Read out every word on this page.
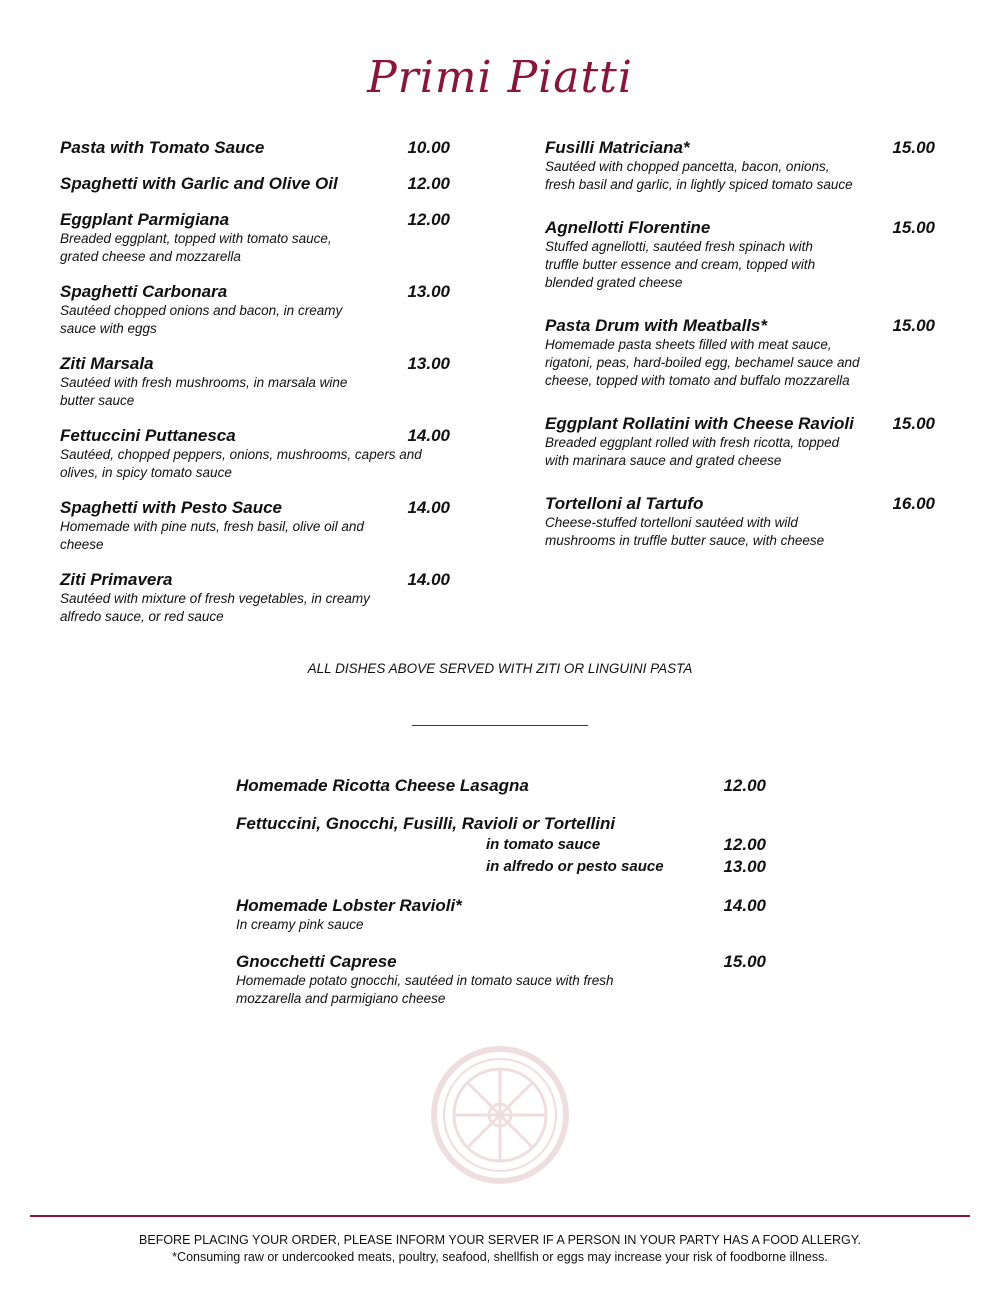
Primi Piatti
Pasta with Tomato Sauce	10.00
Spaghetti with Garlic and Olive Oil	12.00
Eggplant Parmigiana	12.00
Breaded eggplant, topped with tomato sauce, grated cheese and mozzarella
Spaghetti Carbonara	13.00
Sautéed chopped onions and bacon, in creamy sauce with eggs
Ziti Marsala	13.00
Sautéed with fresh mushrooms, in marsala wine butter sauce
Fettuccini Puttanesca	14.00
Sautéed, chopped peppers, onions, mushrooms, capers and olives, in spicy tomato sauce
Spaghetti with Pesto Sauce	14.00
Homemade with pine nuts, fresh basil, olive oil and cheese
Ziti Primavera	14.00
Sautéed with mixture of fresh vegetables, in creamy alfredo sauce, or red sauce
Fusilli Matriciana*	15.00
Sautéed with chopped pancetta, bacon, onions, fresh basil and garlic, in lightly spiced tomato sauce
Agnellotti Florentine	15.00
Stuffed agnellotti, sautéed fresh spinach with truffle butter essence and cream, topped with blended grated cheese
Pasta Drum with Meatballs*	15.00
Homemade pasta sheets filled with meat sauce, rigatoni, peas, hard-boiled egg, bechamel sauce and cheese, topped with tomato and buffalo mozzarella
Eggplant Rollatini with Cheese Ravioli 15.00
Breaded eggplant rolled with fresh ricotta, topped with marinara sauce and grated cheese
Tortelloni al Tartufo	16.00
Cheese-stuffed tortelloni sautéed with wild mushrooms in truffle butter sauce, with cheese
ALL DISHES ABOVE SERVED WITH ZITI OR LINGUINI PASTA
Homemade Ricotta Cheese Lasagna	12.00
Fettuccini, Gnocchi, Fusilli, Ravioli or Tortellini
in tomato sauce	12.00
in alfredo or pesto sauce	13.00
Homemade Lobster Ravioli*	14.00
In creamy pink sauce
Gnocchetti Caprese	15.00
Homemade potato gnocchi, sautéed in tomato sauce with fresh mozzarella and parmigiano cheese
BEFORE PLACING YOUR ORDER, PLEASE INFORM YOUR SERVER IF A PERSON IN YOUR PARTY HAS A FOOD ALLERGY.
*Consuming raw or undercooked meats, poultry, seafood, shellfish or eggs may increase your risk of foodborne illness.
